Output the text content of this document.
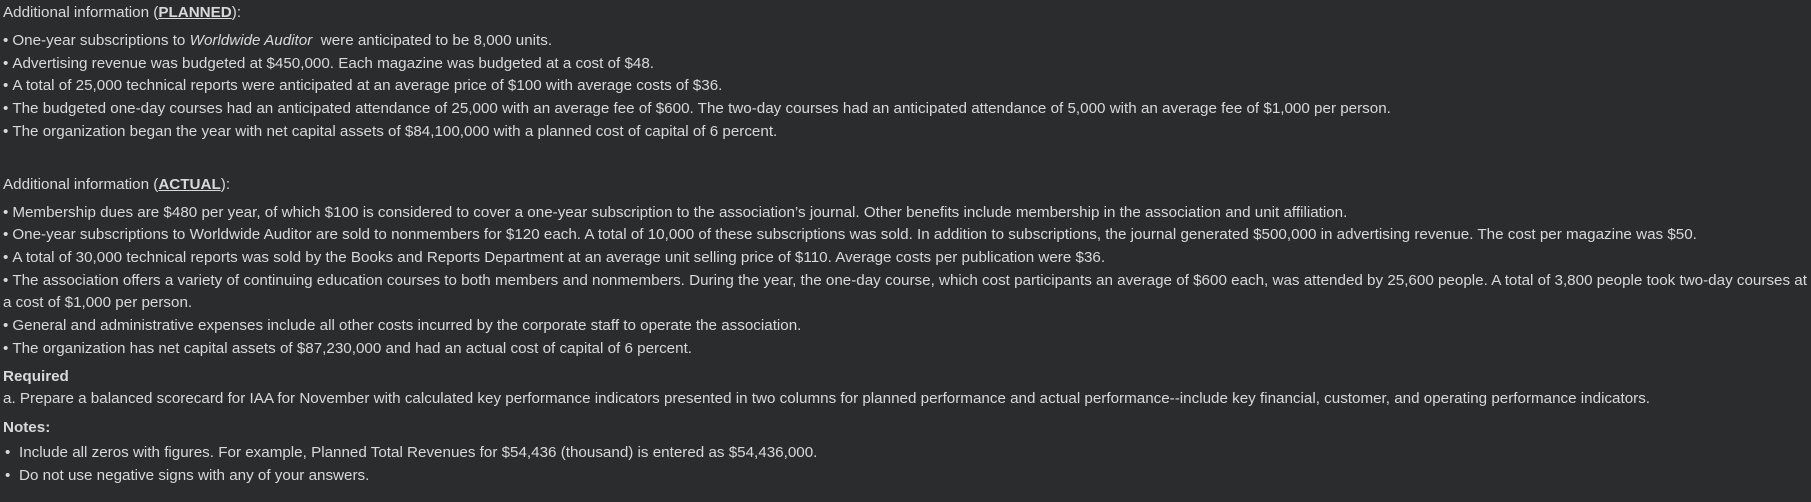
Additional information (PLANNED):
• One-year subscriptions to Worldwide Auditor  were anticipated to be 8,000 units.
• Advertising revenue was budgeted at $450,000. Each magazine was budgeted at a cost of $48.
• A total of 25,000 technical reports were anticipated at an average price of $100 with average costs of $36.
• The budgeted one-day courses had an anticipated attendance of 25,000 with an average fee of $600. The two-day courses had an anticipated attendance of 5,000 with an average fee of $1,000 per person.
• The organization began the year with net capital assets of $84,100,000 with a planned cost of capital of 6 percent.
Additional information (ACTUAL):
• Membership dues are $480 per year, of which $100 is considered to cover a one-year subscription to the association’s journal. Other benefits include membership in the association and unit affiliation.
• One-year subscriptions to Worldwide Auditor are sold to nonmembers for $120 each. A total of 10,000 of these subscriptions was sold. In addition to subscriptions, the journal generated $500,000 in advertising revenue. The cost per magazine was $50.
• A total of 30,000 technical reports was sold by the Books and Reports Department at an average unit selling price of $110. Average costs per publication were $36.
• The association offers a variety of continuing education courses to both members and nonmembers. During the year, the one-day course, which cost participants an average of $600 each, was attended by 25,600 people. A total of 3,800 people took two-day courses at a cost of $1,000 per person.
• General and administrative expenses include all other costs incurred by the corporate staff to operate the association.
• The organization has net capital assets of $87,230,000 and had an actual cost of capital of 6 percent.
Required
a. Prepare a balanced scorecard for IAA for November with calculated key performance indicators presented in two columns for planned performance and actual performance--include key financial, customer, and operating performance indicators.
Notes:
• Include all zeros with figures. For example, Planned Total Revenues for $54,436 (thousand) is entered as $54,436,000.
• Do not use negative signs with any of your answers.
